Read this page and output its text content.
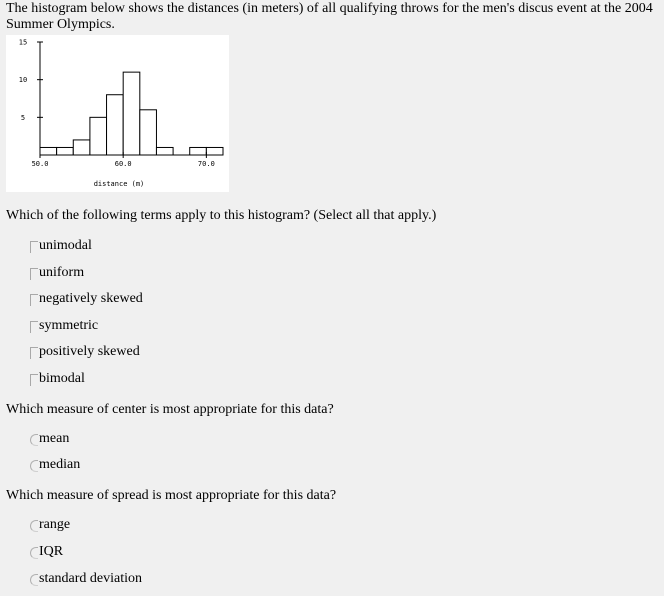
The histogram below shows the distances (in meters) of all qualifying throws for the men's discus event at the 2004 Summer Olympics.
5
10
15
50.0	60.0	70.0
distance (m)
Which of the following terms apply to this histogram? (Select all that apply.)
unimodal
uniform
negatively skewed
symmetric
positively skewed
bimodal
Which measure of center is most appropriate for this data?
mean
median
Which measure of spread is most appropriate for this data?
range
IQR
standard deviation
